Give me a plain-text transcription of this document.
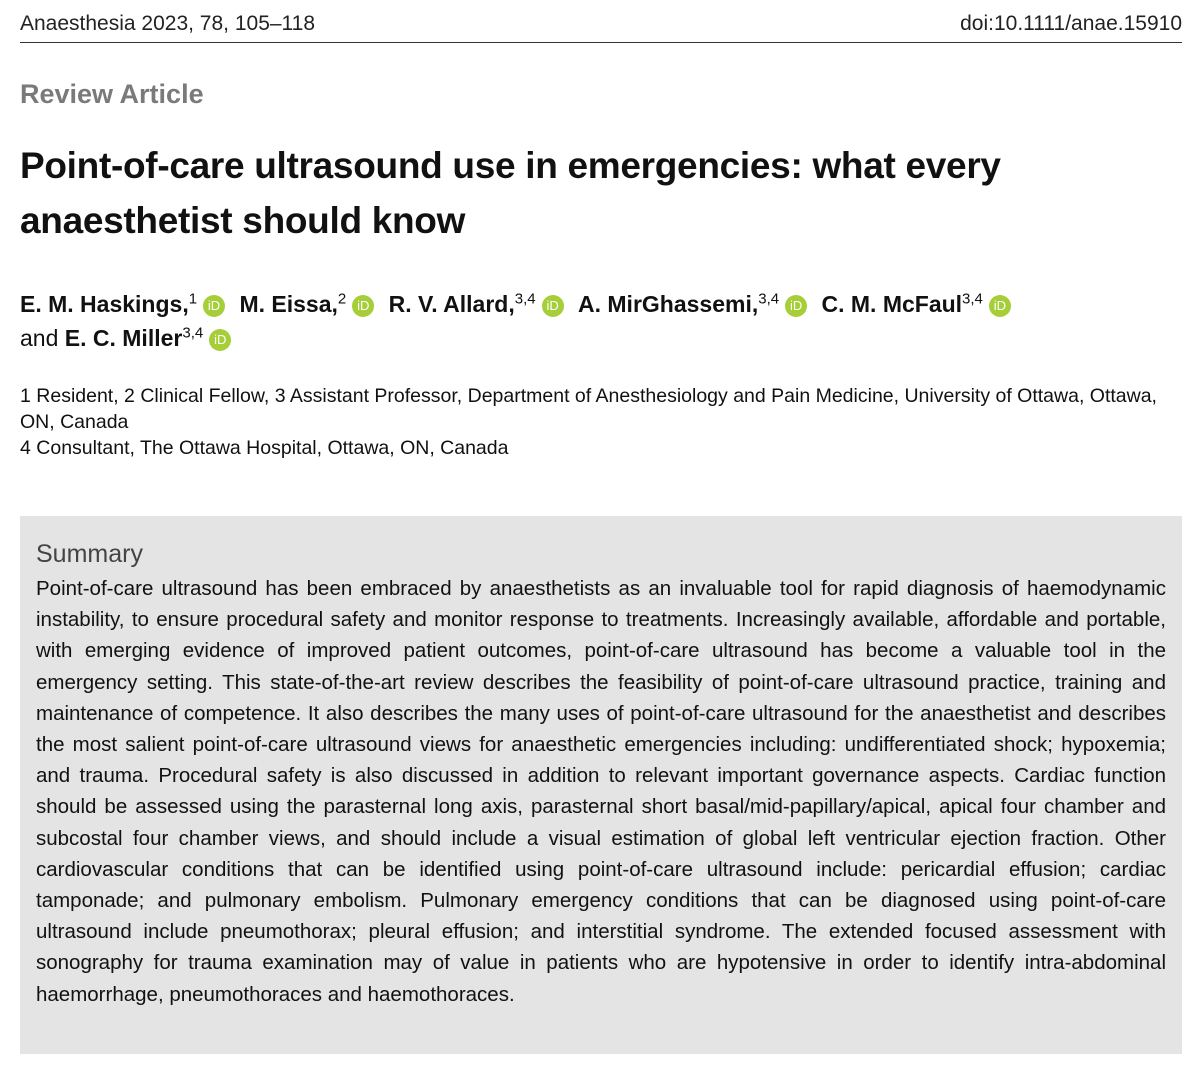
Anaesthesia 2023, 78, 105–118	doi:10.1111/anae.15910
Review Article
Point-of-care ultrasound use in emergencies: what every anaesthetist should know
E. M. Haskings,$^1$ iD M. Eissa,$^2$ iD R. V. Allard,$^{3,4}$ iD A. MirGhassemi,$^{3,4}$ iD C. M. McFaul$^{3,4}$ iD
and E. C. Miller$^{3,4}$ iD
1 Resident, 2 Clinical Fellow, 3 Assistant Professor, Department of Anesthesiology and Pain Medicine, University of Ottawa, Ottawa, ON, Canada
4 Consultant, The Ottawa Hospital, Ottawa, ON, Canada
Summary
Point-of-care ultrasound has been embraced by anaesthetists as an invaluable tool for rapid diagnosis of haemodynamic instability, to ensure procedural safety and monitor response to treatments. Increasingly available, affordable and portable, with emerging evidence of improved patient outcomes, point-of-care ultrasound has become a valuable tool in the emergency setting. This state-of-the-art review describes the feasibility of point-of-care ultrasound practice, training and maintenance of competence. It also describes the many uses of point-of-care ultrasound for the anaesthetist and describes the most salient point-of-care ultrasound views for anaesthetic emergencies including: undifferentiated shock; hypoxemia; and trauma. Procedural safety is also discussed in addition to relevant important governance aspects. Cardiac function should be assessed using the parasternal long axis, parasternal short basal/mid-papillary/apical, apical four chamber and subcostal four chamber views, and should include a visual estimation of global left ventricular ejection fraction. Other cardiovascular conditions that can be identified using point-of-care ultrasound include: pericardial effusion; cardiac tamponade; and pulmonary embolism. Pulmonary emergency conditions that can be diagnosed using point-of-care ultrasound include pneumothorax; pleural effusion; and interstitial syndrome. The extended focused assessment with sonography for trauma examination may of value in patients who are hypotensive in order to identify intra-abdominal haemorrhage, pneumothoraces and haemothoraces.
